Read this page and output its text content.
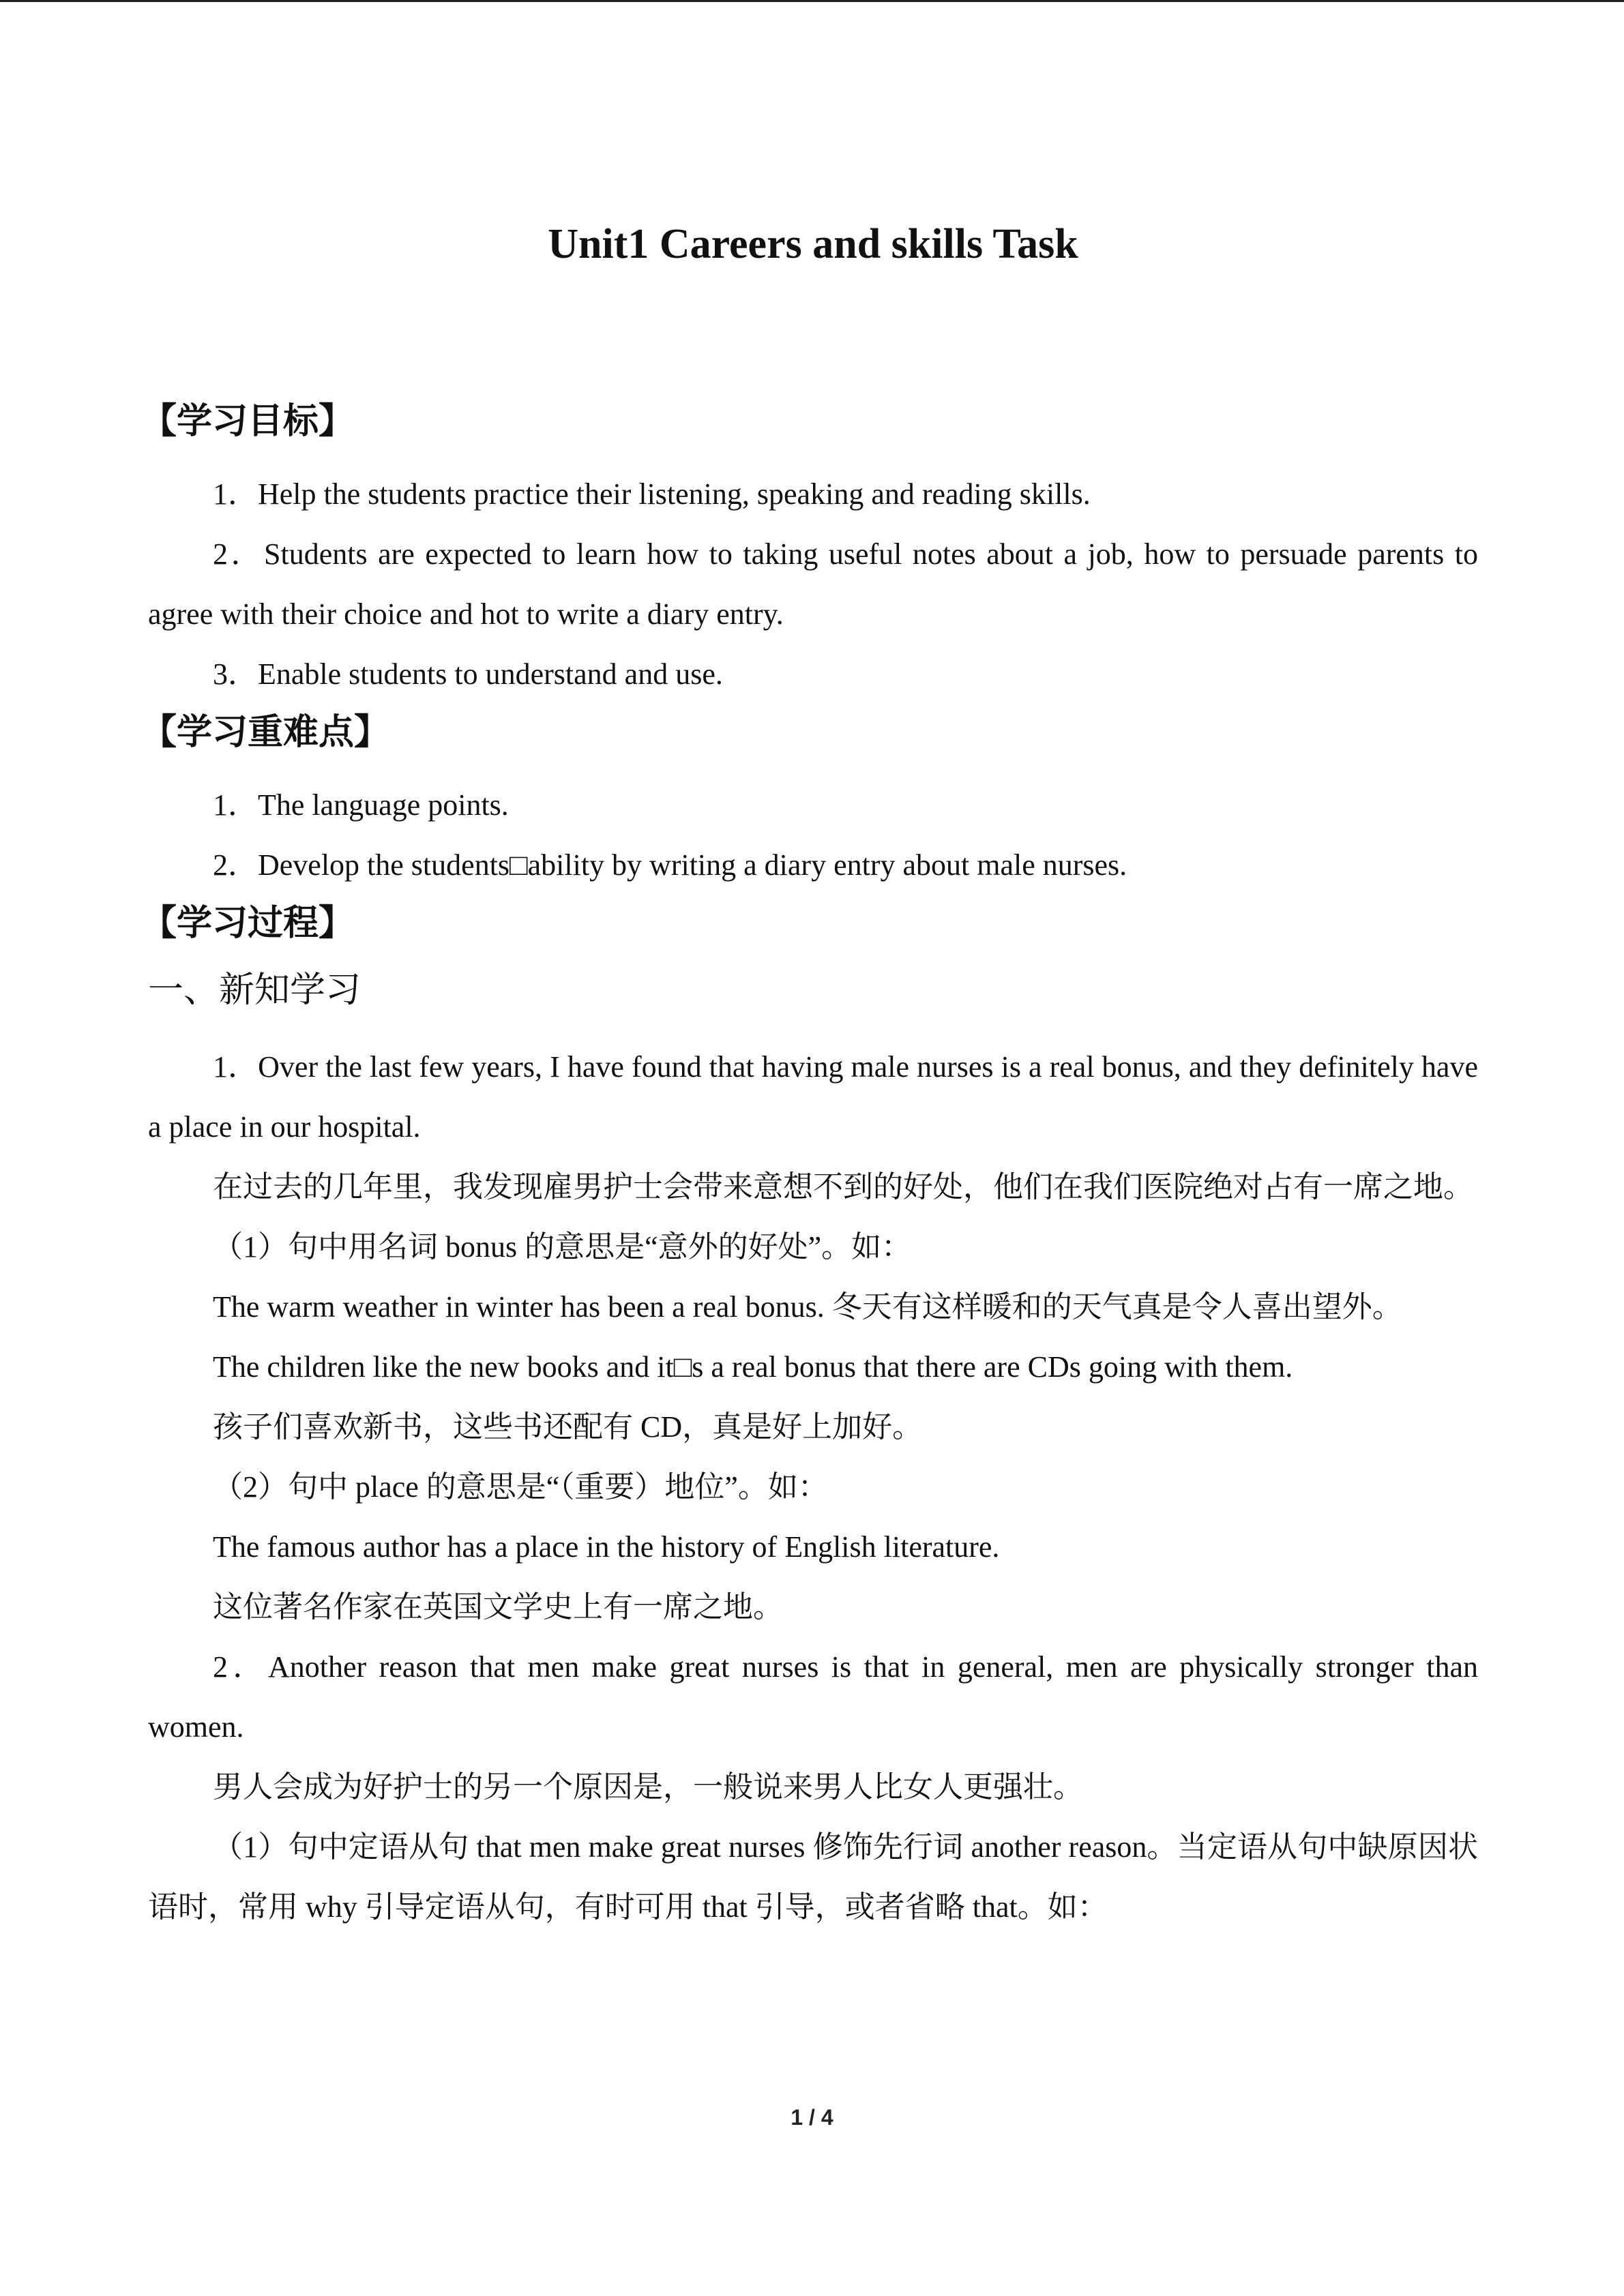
Unit1 Careers and skills Task
【学习目标】

1．Help the students practice their listening, speaking and reading skills.

2．Students are expected to learn how to taking useful notes about a job, how to persuade parents to agree with their choice and hot to write a diary entry.

3．Enable students to understand and use.

【学习重难点】

1．The language points.

2．Develop the students□ability by writing a diary entry about male nurses.

【学习过程】
一、新知学习

1．Over the last few years, I have found that having male nurses is a real bonus, and they definitely have a place in our hospital.

在过去的几年里，我发现雇男护士会带来意想不到的好处，他们在我们医院绝对占有一席之地。

（1）句中用名词 bonus 的意思是“意外的好处”。如：

The warm weather in winter has been a real bonus. 冬天有这样暖和的天气真是令人喜出望外。

The children like the new books and it□s a real bonus that there are CDs going with them.

孩子们喜欢新书，这些书还配有 CD，真是好上加好。

（2）句中 place 的意思是“（重要）地位”。如：

The famous author has a place in the history of English literature.

这位著名作家在英国文学史上有一席之地。

2．Another reason that men make great nurses is that in general, men are physically stronger than women.

男人会成为好护士的另一个原因是，一般说来男人比女人更强壮。

（1）句中定语从句 that men make great nurses 修饰先行词 another reason。当定语从句中缺原因状语时，常用 why 引导定语从句，有时可用 that 引导，或者省略 that。如：

1 / 4
